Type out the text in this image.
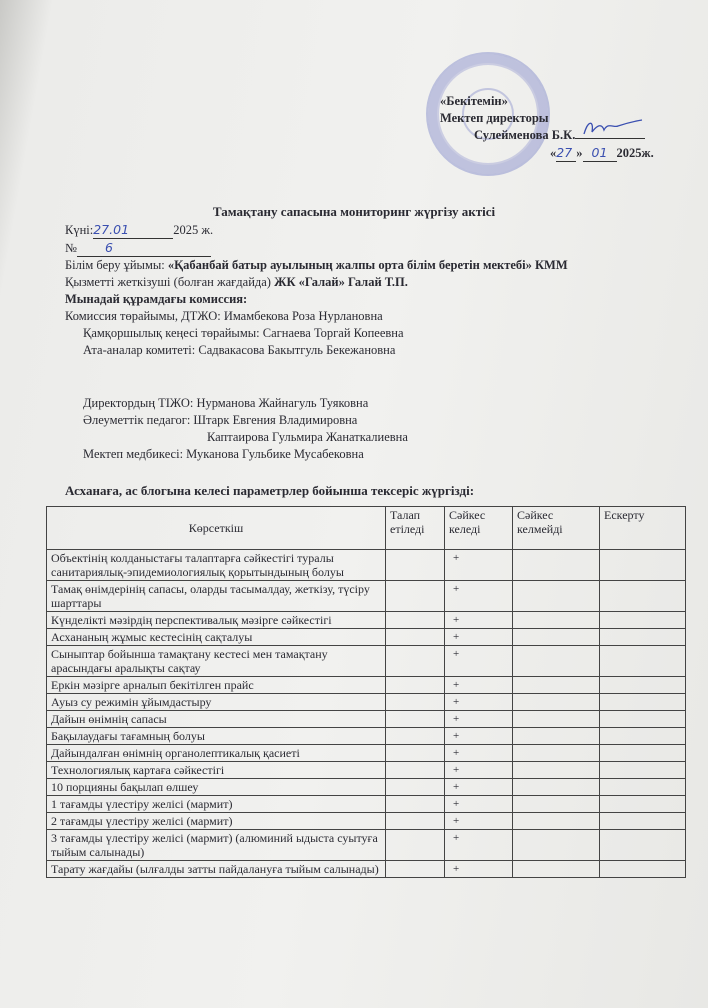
«Бекітемін»
Мектеп директоры
Сулейменова Б.К.
«27 » 01 2025ж.
Тамақтану сапасына мониторинг жүргізу актісі
Күні:27.01	2025 ж.
№ 6
Білім беру ұйымы: «Қабанбай батыр ауылының жалпы орта білім беретін мектебі» КММ
Қызметті жеткізуші (болған жағдайда) ЖК «Галай» Галай Т.П.
Мынадай құрамдағы комиссия:
Комиссия төрайымы, ДТЖО: Имамбекова Роза Нурлановна
Қамқоршылық кеңесі төрайымы: Сагнаева Торгай Копеевна
Ата-аналар комитеті: Садвакасова Бакытгуль Бекежановна
Директордың ТІЖО: Нурманова Жайнагуль Туяковна
Әлеуметтік педагог: Штарк Евгения Владимировна
Каптаирова Гульмира Жанаткалиевна
Мектеп медбикесі: Муканова Гульбике Мусабековна
Асханаға, ас блогына келесі параметрлер бойынша тексеріс жүргізді:
Көрсеткіш	Талап етіледі	Сәйкес келеді	Сәйкес келмейді	Ескерту
Объектінің колданыстағы талаптарға сәйкестігі туралы санитариялық-эпидемиологиялық қорытындының болуы		+		
Тамақ өнімдерінің сапасы, оларды тасымалдау, жеткізу, түсіру шарттары		+		
Күнделікті мәзірдің перспективалық мәзірге сәйкестігі		+		
Асхананың жұмыс кестесінің сақталуы		+		
Сыныптар бойынша тамақтану кестесі мен тамақтану арасындағы аралықты сақтау		+		
Еркін мәзірге арналып бекітілген прайс		+		
Ауыз су режимін ұйымдастыру		+		
Дайын өнімнің сапасы		+		
Бақылаудағы тағамның болуы		+		
Дайындалған өнімнің органолептикалық қасиеті		+		
Технологиялық картаға сәйкестігі		+		
10 порцияны бақылап өлшеу		+		
1 тағамды үлестіру желісі (мармит)		+		
2 тағамды үлестіру желісі (мармит)		+		
3 тағамды үлестіру желісі (мармит) (алюминий ыдыста суытуға тыйым салынады)		+		
Тарату жағдайы (ылғалды затты пайдалануға тыйым салынады)		+		
